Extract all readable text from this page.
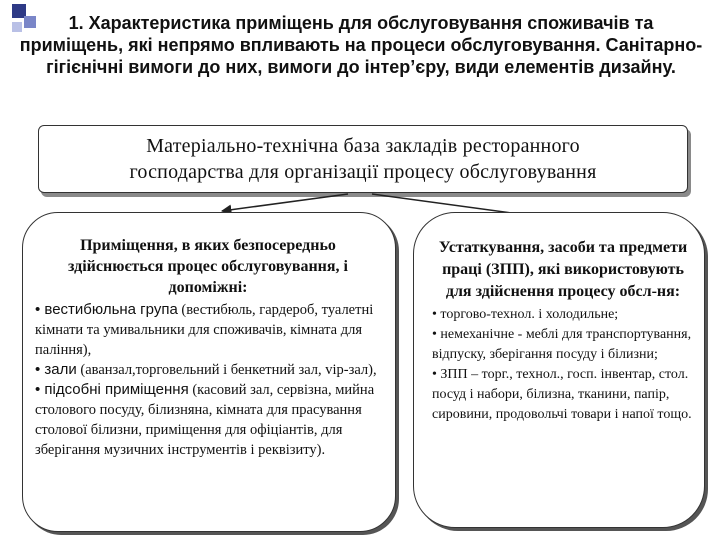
1. Характеристика приміщень для обслуговування споживачів та приміщень, які непрямо впливають на процеси обслуговування. Санітарно-гігієнічні вимоги до них, вимоги до інтер’єру, види елементів дизайну.
Матеріально-технічна база закладів ресторанного
господарства для організації процесу обслуговування
Приміщення, в яких безпосередньо здійснюється процес обслуговування, і допоміжні:
• вестибюльна група (вестибюль, гардероб, туалетні кімнати та умивальники для споживачів, кімната для паління),
• зали (аванзал,торговельний і бенкетний зал, vip-зал),
• підсобні приміщення (касовий зал, сервізна, мийна столового посуду, білизняна, кімната для прасування столової білизни, приміщення для офіціантів, для зберігання музичних інструментів і реквізиту).
Устаткування, засоби та предмети праці (ЗПП), які використовують для здійснення процесу обсл-ня:
• торгово-технол. і холодильне;
• немеханічне - меблі для транспортування, відпуску, зберігання посуду і білизни;
• ЗПП – торг., технол., госп. інвентар, стол. посуд і набори, білизна, тканини, папір, сировини, продовольчі товари і напої тощо.
